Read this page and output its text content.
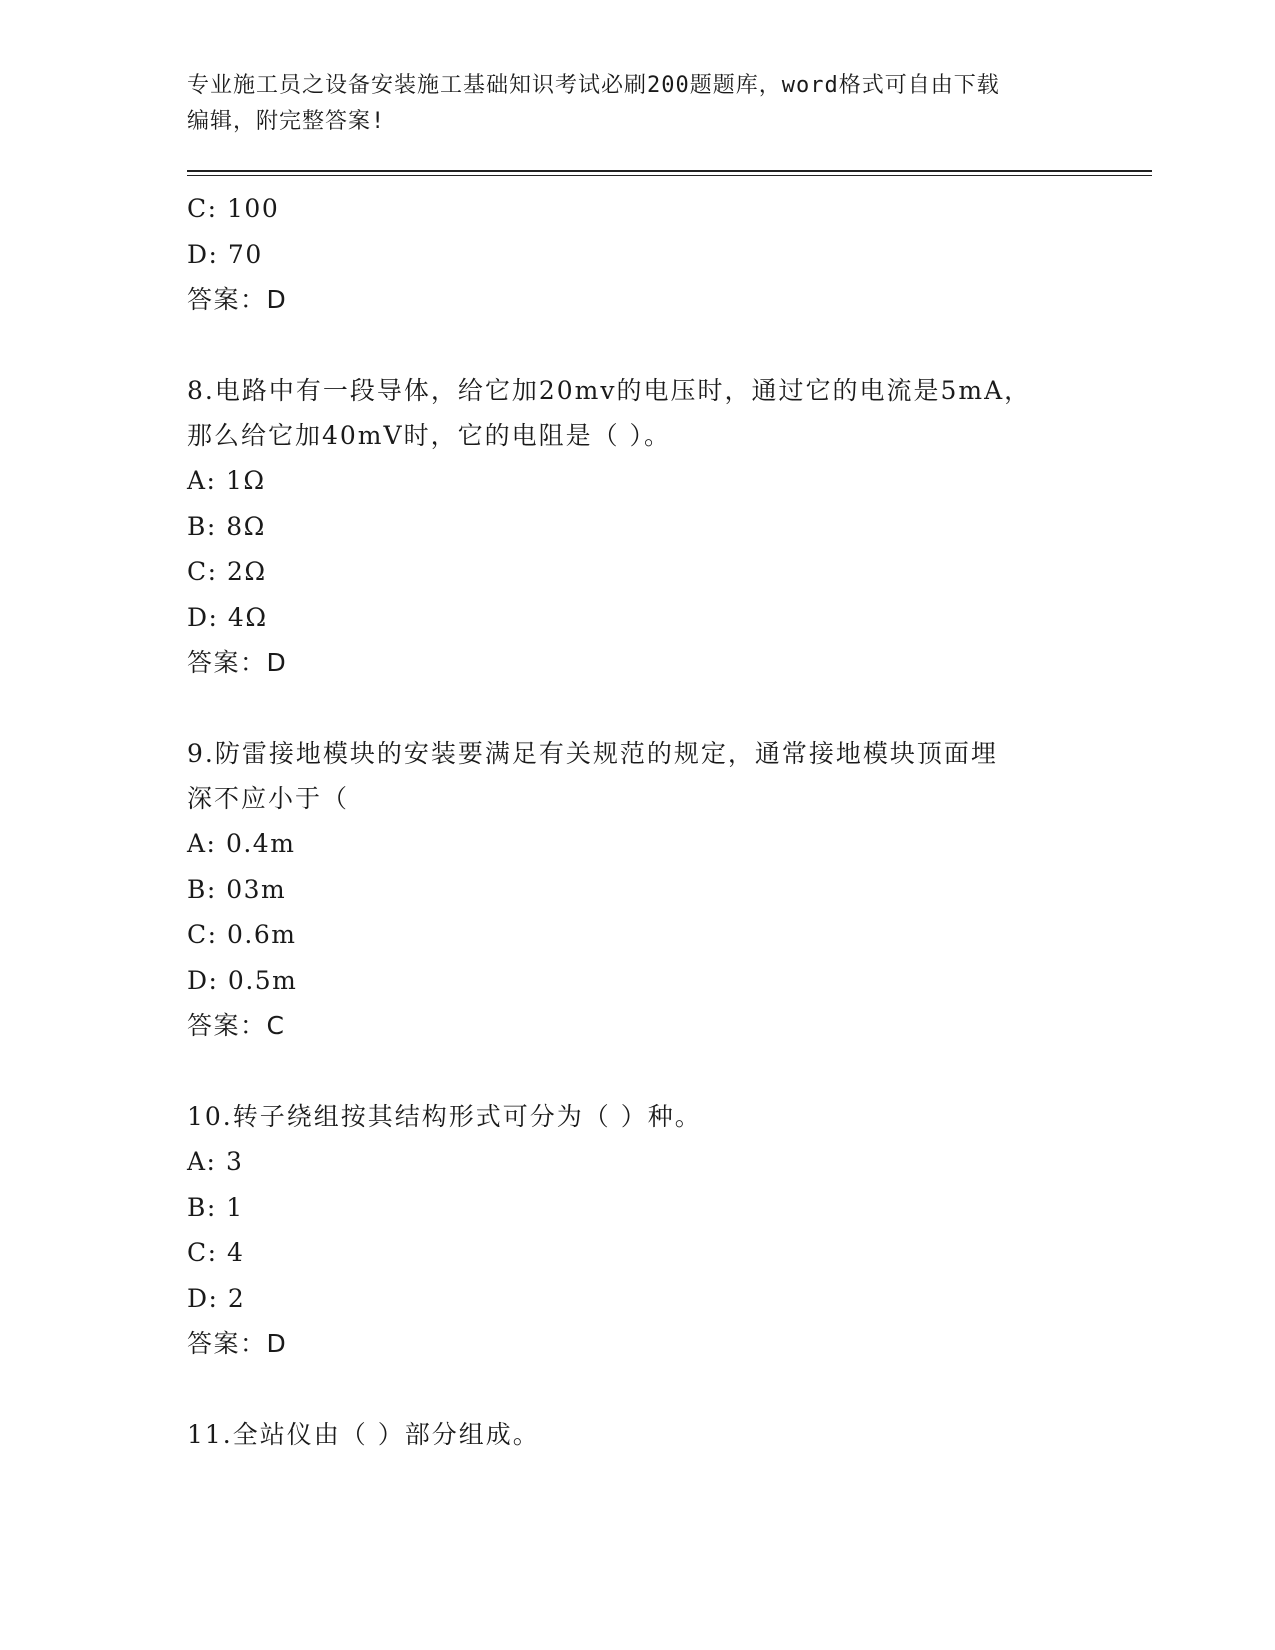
专业施工员之设备安装施工基础知识考试必刷200题题库，word格式可自由下载
编辑，附完整答案!
C: 100
D: 70
答案：D
8.电路中有一段导体，给它加20mv的电压时，通过它的电流是5mA，
那么给它加40mV时，它的电阻是（ ）。
A: 1Ω
B: 8Ω
C: 2Ω
D: 4Ω
答案：D
9.防雷接地模块的安装要满足有关规范的规定，通常接地模块顶面埋
深不应小于（
A: 0.4m
B: 03m
C: 0.6m
D: 0.5m
答案：C
10.转子绕组按其结构形式可分为（ ）种。
A: 3
B: 1
C: 4
D: 2
答案：D
11.全站仪由（ ）部分组成。
